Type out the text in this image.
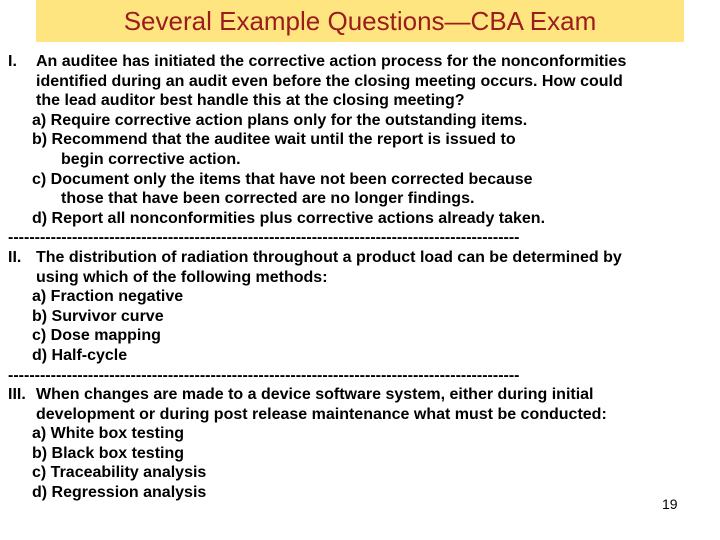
Several Example Questions—CBA Exam
I. An auditee has initiated the corrective action process for the nonconformities
identified during an audit even before the closing meeting occurs. How could
the lead auditor best handle this at the closing meeting?
a) Require corrective action plans only for the outstanding items.
b) Recommend that the auditee wait until the report is issued to
begin corrective action.
c) Document only the items that have not been corrected because
those that have been corrected are no longer findings.
d) Report all nonconformities plus corrective actions already taken.
------------------------------------------------------------------------------------------------
II. The distribution of radiation throughout a product load can be determined by
using which of the following methods:
a) Fraction negative
b) Survivor curve
c) Dose mapping
d) Half-cycle
------------------------------------------------------------------------------------------------
III. When changes are made to a device software system, either during initial
development or during post release maintenance what must be conducted:
a) White box testing
b) Black box testing
c) Traceability analysis
d) Regression analysis
19
